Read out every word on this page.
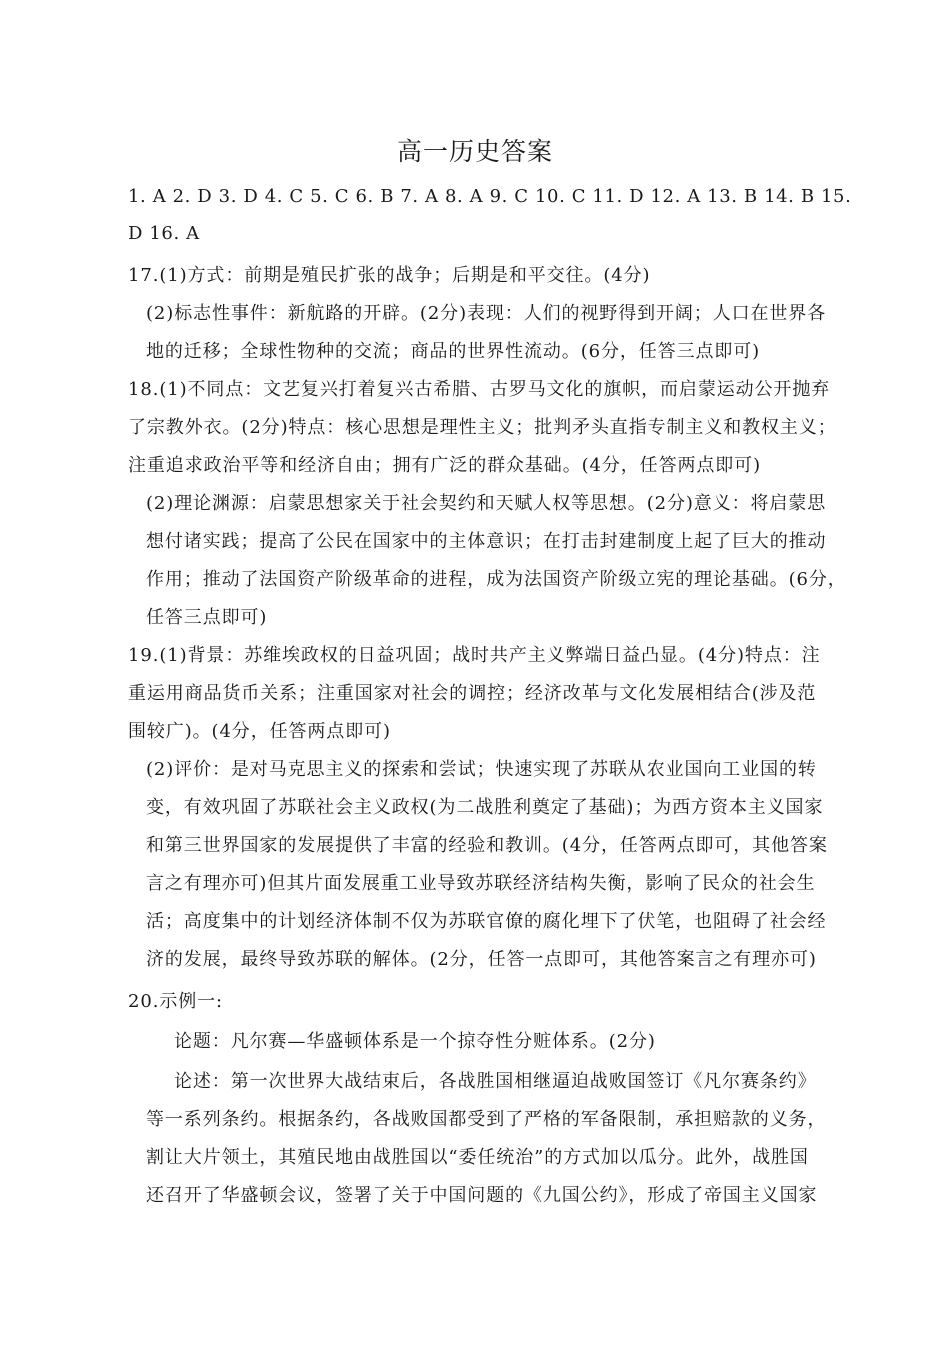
高一历史答案
1. A 2. D 3. D 4. C 5. C 6. B 7. A 8. A 9. C 10. C 11. D 12. A 13. B 14. B 15.
D 16. A
17.(1)方式：前期是殖民扩张的战争；后期是和平交往。(4分)
(2)标志性事件：新航路的开辟。(2分)表现：人们的视野得到开阔；人口在世界各
地的迁移；全球性物种的交流；商品的世界性流动。(6分，任答三点即可)
18.(1)不同点：文艺复兴打着复兴古希腊、古罗马文化的旗帜，而启蒙运动公开抛弃
了宗教外衣。(2分)特点：核心思想是理性主义；批判矛头直指专制主义和教权主义；
注重追求政治平等和经济自由；拥有广泛的群众基础。(4分，任答两点即可)
(2)理论渊源：启蒙思想家关于社会契约和天赋人权等思想。(2分)意义：将启蒙思
想付诸实践；提高了公民在国家中的主体意识；在打击封建制度上起了巨大的推动
作用；推动了法国资产阶级革命的进程，成为法国资产阶级立宪的理论基础。(6分，
任答三点即可)
19.(1)背景：苏维埃政权的日益巩固；战时共产主义弊端日益凸显。(4分)特点：注
重运用商品货币关系；注重国家对社会的调控；经济改革与文化发展相结合(涉及范
围较广)。(4分，任答两点即可)
(2)评价：是对马克思主义的探索和尝试；快速实现了苏联从农业国向工业国的转
变，有效巩固了苏联社会主义政权(为二战胜利奠定了基础)；为西方资本主义国家
和第三世界国家的发展提供了丰富的经验和教训。(4分，任答两点即可，其他答案
言之有理亦可)但其片面发展重工业导致苏联经济结构失衡，影响了民众的社会生
活；高度集中的计划经济体制不仅为苏联官僚的腐化埋下了伏笔，也阻碍了社会经
济的发展，最终导致苏联的解体。(2分，任答一点即可，其他答案言之有理亦可)
20.示例一:
论题：凡尔赛—华盛顿体系是一个掠夺性分赃体系。(2分)
论述：第一次世界大战结束后，各战胜国相继逼迫战败国签订《凡尔赛条约》
等一系列条约。根据条约，各战败国都受到了严格的军备限制，承担赔款的义务，
割让大片领土，其殖民地由战胜国以“委任统治”的方式加以瓜分。此外，战胜国
还召开了华盛顿会议，签署了关于中国问题的《九国公约》，形成了帝国主义国家
